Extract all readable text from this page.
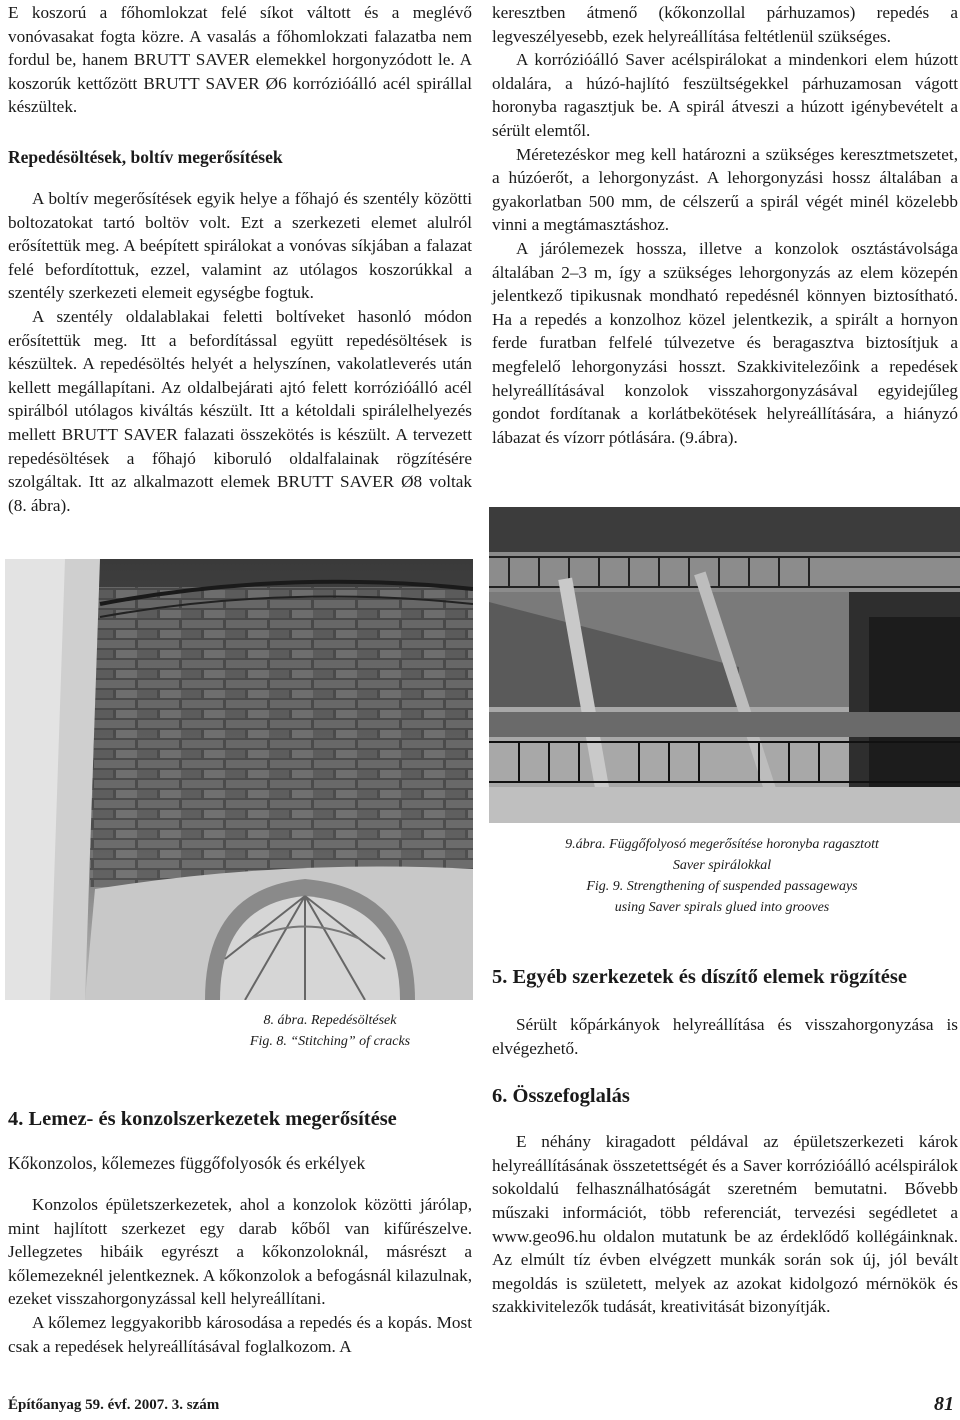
E koszorú a főhomlokzat felé síkot váltott és a meglévő vonóvasakat fogta közre. A vasalás a főhomlokzati falazatba nem fordul be, hanem BRUTT SAVER elemekkel horgonyzódott le. A koszorúk kettőzött BRUTT SAVER Ø6 korrózióálló acél spirállal készültek.

Repedésöltések, boltív megerősítések

A boltív megerősítések egyik helye a főhajó és szentély közötti boltozatokat tartó boltöv volt. Ezt a szerkezeti elemet alulról erősítettük meg. A beépített spirálokat a vonóvas síkjában a falazat felé befordítottuk, ezzel, valamint az utólagos koszorúkkal a szentély szerkezeti elemeit egységbe fogtuk.

A szentély oldalablakai feletti boltíveket hasonló módon erősítettük meg. Itt a befordítással együtt repedésöltések is készültek. A repedésöltés helyét a helyszínen, vakolatleverés után kellett megállapítani. Az oldalbejárati ajtó felett korrózióálló acél spirálból utólagos kiváltás készült. Itt a kétoldali spirálelhelyezés mellett BRUTT SAVER falazati összekötés is készült. A tervezett repedésöltések a főhajó kiboruló oldalfalainak rögzítésére szolgáltak. Itt az alkalmazott elemek BRUTT SAVER Ø8 voltak (8. ábra).

8. ábra. Repedésöltések
Fig. 8. “Stitching” of cracks
4. Lemez- és konzolszerkezetek megerősítése

Kőkonzolos, kőlemezes függőfolyosók és erkélyek

Konzolos épületszerkezetek, ahol a konzolok közötti járólap, mint hajlított szerkezet egy darab kőből van kifűrészelve. Jellegzetes hibáik egyrészt a kőkonzoloknál, másrészt a kőlemezeknél jelentkeznek. A kőkonzolok a befogásnál kilazulnak, ezeket visszahorgonyzással kell helyreállítani.

A kőlemez leggyakoribb károsodása a repedés és a kopás. Most csak a repedések helyreállításával foglalkozom. A

keresztben átmenő (kőkonzollal párhuzamos) repedés a legveszélyesebb, ezek helyreállítása feltétlenül szükséges.

A korrózióálló Saver acélspirálokat a mindenkori elem húzott oldalára, a húzó-hajlító feszültségekkel párhuzamosan vágott horonyba ragasztjuk be. A spirál átveszi a húzott igénybevételt a sérült elemtől.

Méretezéskor meg kell határozni a szükséges keresztmetszetet, a húzóerőt, a lehorgonyzást. A lehorgonyzási hossz általában a gyakorlatban 500 mm, de célszerű a spirál végét minél közelebb vinni a megtámasztáshoz.

A járólemezek hossza, illetve a konzolok osztástávolsága általában 2–3 m, így a szükséges lehorgonyzás az elem közepén jelentkező tipikusnak mondható repedésnél könnyen biztosítható. Ha a repedés a konzolhoz közel jelentkezik, a spirált a hornyon ferde furatban felfelé túlvezetve és beragasztva biztosítjuk a megfelelő lehorgonyzási hosszt. Szakkivitelezőink a repedések helyreállításával konzolok visszahorgonyzásával egyidejűleg gondot fordítanak a korlátbekötések helyreállítására, a hiányzó lábazat és vízorr pótlására. (9.ábra).

9.ábra. Függőfolyosó megerősítése horonyba ragasztott
Saver spirálokkal
Fig. 9. Strengthening of suspended passageways
using Saver spirals glued into grooves
5. Egyéb szerkezetek és díszítő elemek rögzítése

Sérült kőpárkányok helyreállítása és visszahorgonyzása is elvégezhető.

6. Összefoglalás

E néhány kiragadott példával az épületszerkezeti károk helyreállításának összetettségét és a Saver korrózióálló acélspirálok sokoldalú felhasználhatóságát szeretném bemutatni. Bővebb műszaki információt, több referenciát, tervezési segédletet a www.geo96.hu oldalon mutatunk be az érdeklődő kollégáinknak. Az elmúlt tíz évben elvégzett munkák során sok új, jól bevált megoldás is született, melyek az azokat kidolgozó mérnökök és szakkivitelezők tudását, kreativitását bizonyítják.

Építőanyag 59. évf. 2007. 3. szám	81
